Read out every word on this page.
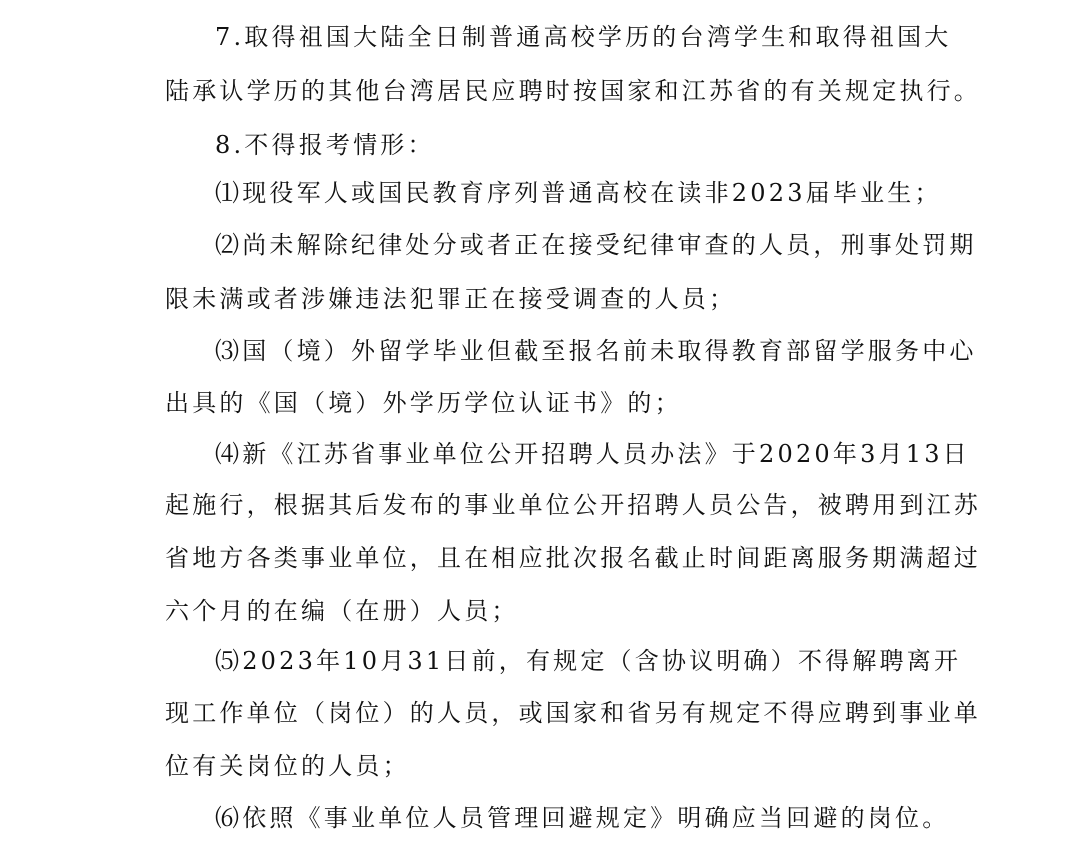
7.取得祖国大陆全日制普通高校学历的台湾学生和取得祖国大
陆承认学历的其他台湾居民应聘时按国家和江苏省的有关规定执行。
8.不得报考情形：
⑴现役军人或国民教育序列普通高校在读非2023届毕业生；
⑵尚未解除纪律处分或者正在接受纪律审查的人员，刑事处罚期
限未满或者涉嫌违法犯罪正在接受调查的人员；
⑶国（境）外留学毕业但截至报名前未取得教育部留学服务中心
出具的《国（境）外学历学位认证书》的；
⑷新《江苏省事业单位公开招聘人员办法》于2020年3月13日
起施行，根据其后发布的事业单位公开招聘人员公告，被聘用到江苏
省地方各类事业单位，且在相应批次报名截止时间距离服务期满超过
六个月的在编（在册）人员；
⑸2023年10月31日前，有规定（含协议明确）不得解聘离开
现工作单位（岗位）的人员，或国家和省另有规定不得应聘到事业单
位有关岗位的人员；
⑹依照《事业单位人员管理回避规定》明确应当回避的岗位。
